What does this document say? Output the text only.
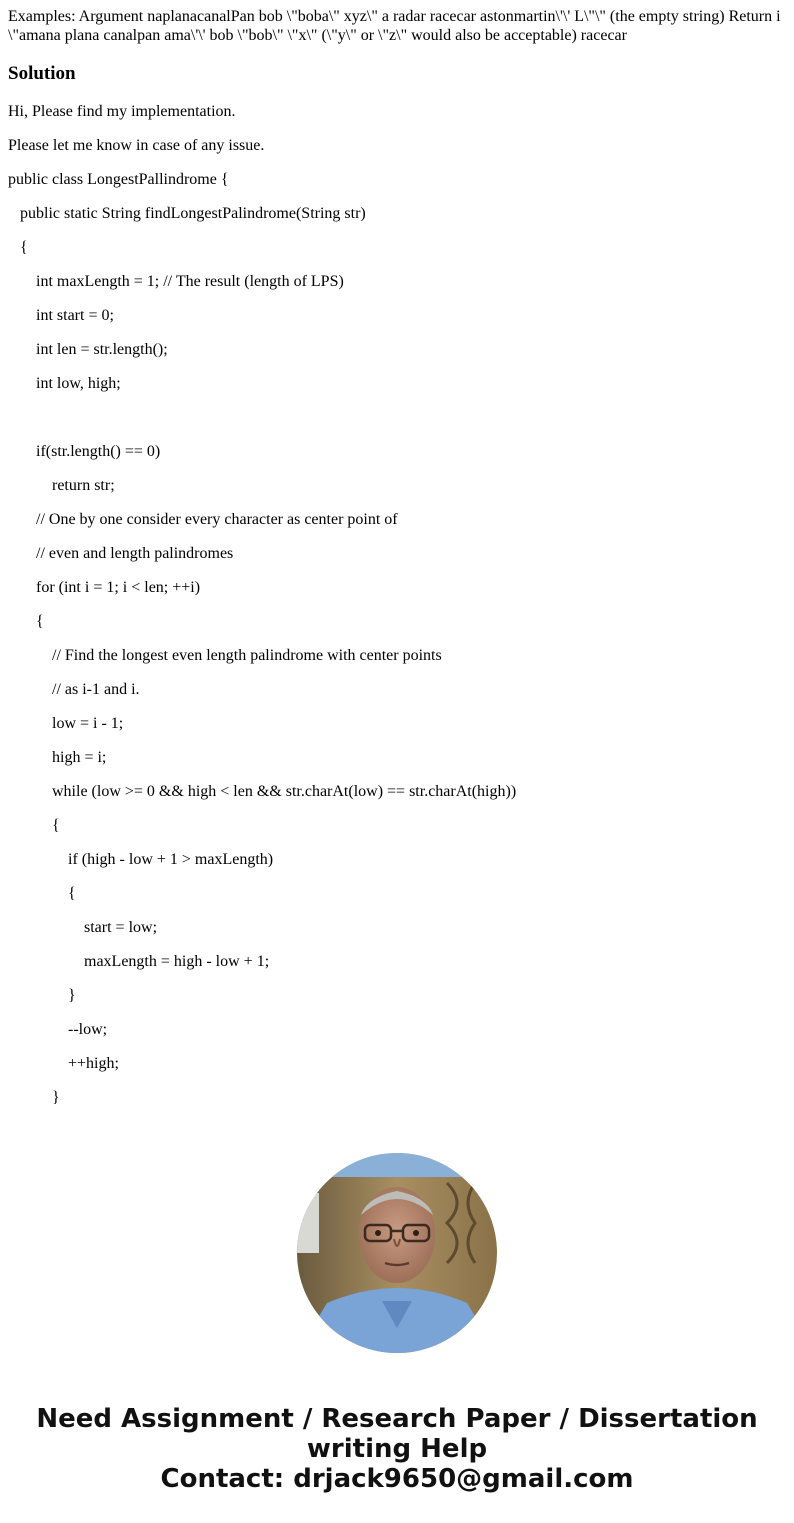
Examples: Argument naplanacanalPan bob \"boba\" xyz\" a radar racecar astonmartin\'\' L\"\" (the empty string) Return i
\"amana plana canalpan ama\'\' bob \"bob\" \"x\" (\"y\" or \"z\" would also be acceptable) racecar
Solution

Hi, Please find my implementation.

Please let me know in case of any issue.

public class LongestPallindrome {

public static String findLongestPalindrome(String str)

{

int maxLength = 1; // The result (length of LPS)

int start = 0;

int len = str.length();

int low, high;

if(str.length() == 0)

return str;

// One by one consider every character as center point of

// even and length palindromes

for (int i = 1; i < len; ++i)

{

// Find the longest even length palindrome with center points

// as i-1 and i.

low = i - 1;

high = i;

while (low >= 0 && high < len && str.charAt(low) == str.charAt(high))

{

if (high - low + 1 > maxLength)

{

start = low;

maxLength = high - low + 1;

}

--low;

++high;

}

Need Assignment / Research Paper / Dissertation
writing Help
Contact: drjack9650@gmail.com
